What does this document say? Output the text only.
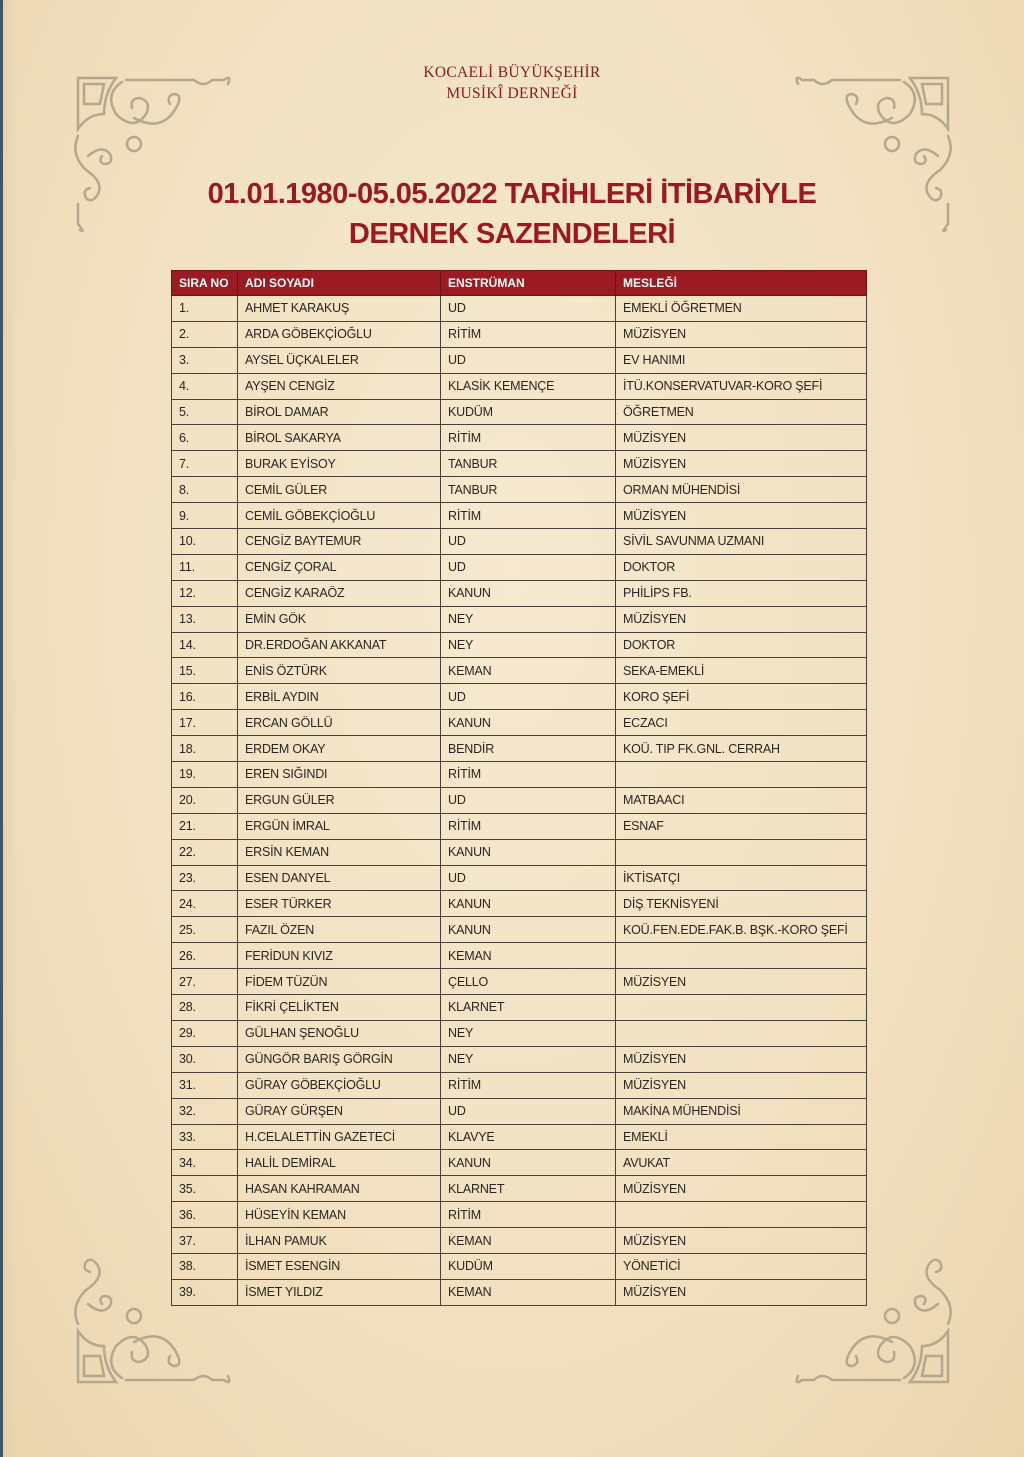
KOCAELİ BÜYÜKŞEHİR
MUSİKÎ DERNEĞİ
01.01.1980-05.05.2022 TARİHLERİ İTİBARİYLE
DERNEK SAZENDELERİ
SIRA NO	ADI SOYADI	ENSTRÜMAN	MESLEĞİ
1.	AHMET KARAKUŞ	UD	EMEKLİ ÖĞRETMEN
2.	ARDA GÖBEKÇİOĞLU	RİTİM	MÜZİSYEN
3.	AYSEL ÜÇKALELER	UD	EV HANIMI
4.	AYŞEN CENGİZ	KLASİK KEMENÇE	İTÜ.KONSERVATUVAR-KORO ŞEFİ
5.	BİROL DAMAR	KUDÜM	ÖĞRETMEN
6.	BİROL SAKARYA	RİTİM	MÜZİSYEN
7.	BURAK EYİSOY	TANBUR	MÜZİSYEN
8.	CEMİL GÜLER	TANBUR	ORMAN MÜHENDİSİ
9.	CEMİL GÖBEKÇİOĞLU	RİTİM	MÜZİSYEN
10.	CENGİZ BAYTEMUR	UD	SİVİL SAVUNMA UZMANI
11.	CENGİZ ÇORAL	UD	DOKTOR
12.	CENGİZ KARAÖZ	KANUN	PHİLİPS FB.
13.	EMİN GÖK	NEY	MÜZİSYEN
14.	DR.ERDOĞAN AKKANAT	NEY	DOKTOR
15.	ENİS ÖZTÜRK	KEMAN	SEKA-EMEKLİ
16.	ERBİL AYDIN	UD	KORO ŞEFİ
17.	ERCAN GÖLLÜ	KANUN	ECZACI
18.	ERDEM OKAY	BENDİR	KOÜ. TIP FK.GNL. CERRAH
19.	EREN SIĞINDI	RİTİM	
20.	ERGUN GÜLER	UD	MATBAACI
21.	ERGÜN İMRAL	RİTİM	ESNAF
22.	ERSİN KEMAN	KANUN	
23.	ESEN DANYEL	UD	İKTİSATÇI
24.	ESER TÜRKER	KANUN	DİŞ TEKNİSYENİ
25.	FAZIL ÖZEN	KANUN	KOÜ.FEN.EDE.FAK.B. BŞK.-KORO ŞEFİ
26.	FERİDUN KIVIZ	KEMAN	
27.	FİDEM TÜZÜN	ÇELLO	MÜZİSYEN
28.	FİKRİ ÇELİKTEN	KLARNET	
29.	GÜLHAN ŞENOĞLU	NEY	
30.	GÜNGÖR BARIŞ GÖRGİN	NEY	MÜZİSYEN
31.	GÜRAY GÖBEKÇİOĞLU	RİTİM	MÜZİSYEN
32.	GÜRAY GÜRŞEN	UD	MAKİNA MÜHENDİSİ
33.	H.CELALETTİN GAZETECİ	KLAVYE	EMEKLİ
34.	HALİL DEMİRAL	KANUN	AVUKAT
35.	HASAN KAHRAMAN	KLARNET	MÜZİSYEN
36.	HÜSEYİN KEMAN	RİTİM	
37.	İLHAN PAMUK	KEMAN	MÜZİSYEN
38.	İSMET ESENGİN	KUDÜM	YÖNETİCİ
39.	İSMET YILDIZ	KEMAN	MÜZİSYEN
